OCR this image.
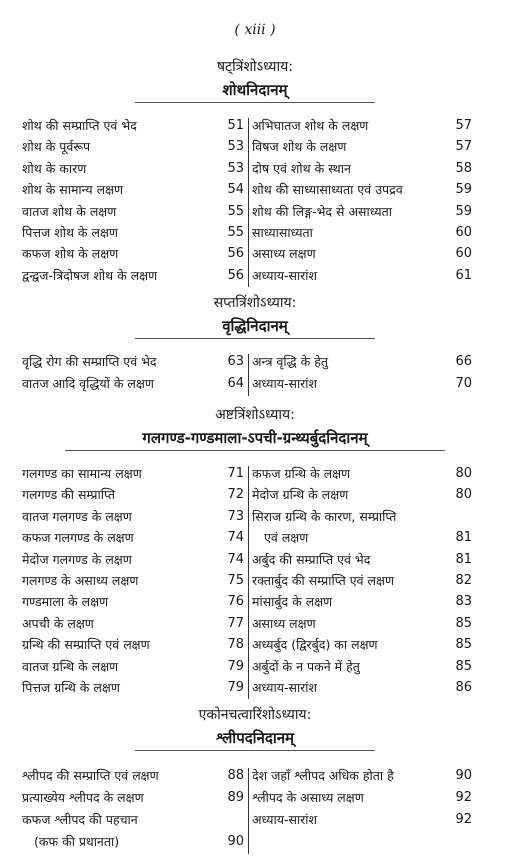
( xiii )
षट्त्रिंशोऽध्याय:
शोथनिदानम्
शोथ की सम्प्राप्ति एवं भेद	51
शोथ के पूर्वरूप	53
शोथ के कारण	53
शोथ के सामान्य लक्षण	54
वातज शोथ के लक्षण	55
पित्तज शोथ के लक्षण	55
कफज शोथ के लक्षण	56
द्वन्द्वज-त्रिदोषज शोथ के लक्षण	56
अभिघातज शोथ के लक्षण	57
विषज शोथ के लक्षण	57
दोष एवं शोथ के स्थान	58
शोथ की साध्यासाध्यता एवं उपद्रव	59
शोथ की लिङ्ग-भेद से असाध्यता	59
साध्यासाध्यता	60
असाध्य लक्षण	60
अध्याय-सारांश	61
सप्तत्रिंशोऽध्याय:
वृद्धिनिदानम्
वृद्धि रोग की सम्प्राप्ति एवं भेद	63
वातज आदि वृद्धियों के लक्षण	64
अन्त्र वृद्धि के हेतु	66
अध्याय-सारांश	70
अष्टत्रिंशोऽध्याय:
गलगण्ड-गण्डमाला-ऽपची-ग्रन्थ्यर्बुदनिदानम्
गलगण्ड का सामान्य लक्षण	71
गलगण्ड की सम्प्राप्ति	72
वातज गलगण्ड के लक्षण	73
कफज गलगण्ड के लक्षण	74
मेदोज गलगण्ड के लक्षण	74
गलगण्ड के असाध्य लक्षण	75
गण्डमाला के लक्षण	76
अपची के लक्षण	77
ग्रन्थि की सम्प्राप्ति एवं लक्षण	78
वातज ग्रन्थि के लक्षण	79
पित्तज ग्रन्थि के लक्षण	79
कफज ग्रन्थि के लक्षण	80
मेदोज ग्रन्थि के लक्षण	80
सिराज ग्रन्थि के कारण, सम्प्राप्ति
एवं लक्षण	81
अर्बुद की सम्प्राप्ति एवं भेद	81
रक्तार्बुद की सम्प्राप्ति एवं लक्षण	82
मांसार्बुद के लक्षण	83
असाध्य लक्षण	85
अध्यर्बुद (द्विरर्बुद) का लक्षण	85
अर्बुदों के न पकने में हेतु	85
अध्याय-सारांश	86
एकोनचत्वारिंशोऽध्याय:
श्लीपदनिदानम्
श्लीपद की सम्प्राप्ति एवं लक्षण	88
प्रत्याख्येय श्लीपद के लक्षण	89
कफज श्लीपद की पहचान
(कफ की प्रधानता)	90
देश जहाँ श्लीपद अधिक होता है	90
श्लीपद के असाध्य लक्षण	92
अध्याय-सारांश	92
